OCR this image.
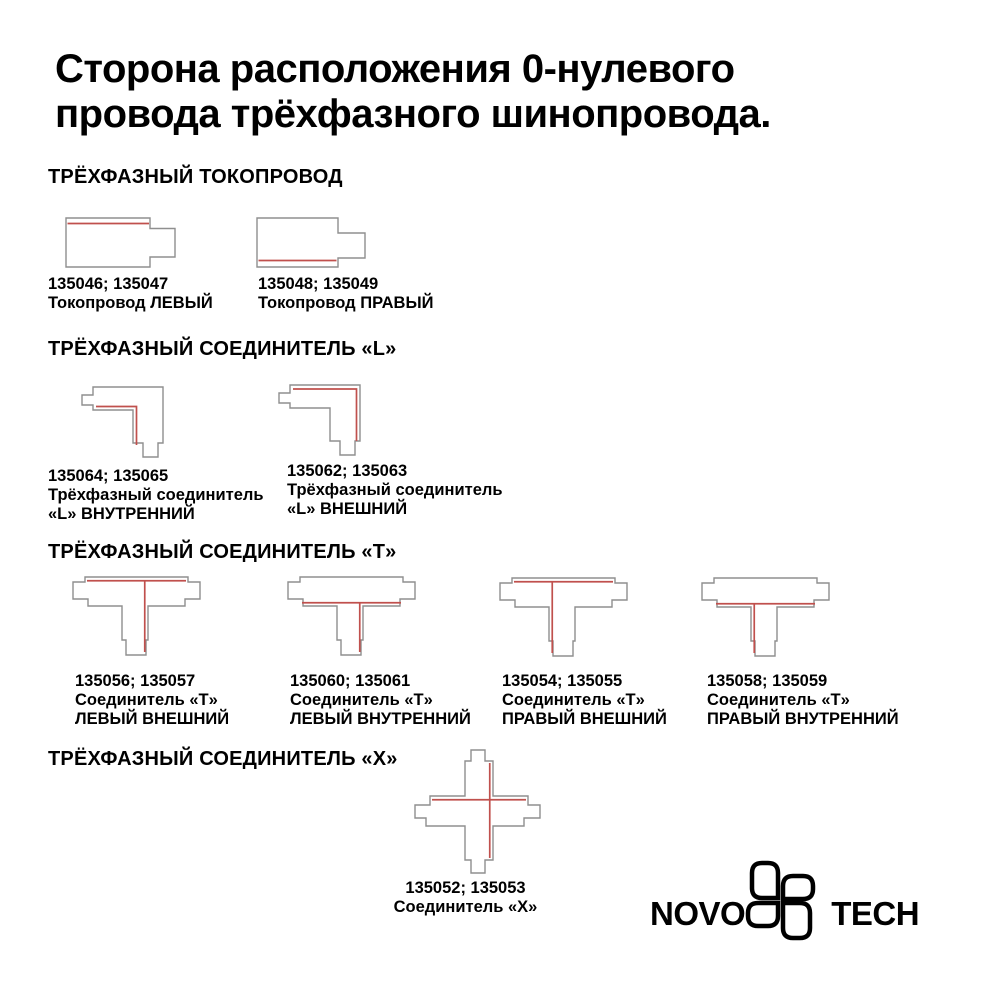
Сторона расположения 0-нулевого
провода трёхфазного шинопровода.
ТРЁХФАЗНЫЙ ТОКОПРОВОД
ТРЁХФАЗНЫЙ СОЕДИНИТЕЛЬ «L»
ТРЁХФАЗНЫЙ СОЕДИНИТЕЛЬ «Т»
ТРЁХФАЗНЫЙ СОЕДИНИТЕЛЬ «Х»
135046; 135047
Токопровод ЛЕВЫЙ
135048; 135049
Токопровод ПРАВЫЙ
135064; 135065
Трёхфазный соединитель
«L» ВНУТРЕННИЙ
135062; 135063
Трёхфазный соединитель
«L» ВНЕШНИЙ
135056; 135057
Соединитель «Т»
ЛЕВЫЙ ВНЕШНИЙ
135060; 135061
Соединитель «Т»
ЛЕВЫЙ ВНУТРЕННИЙ
135054; 135055
Соединитель «Т»
ПРАВЫЙ ВНЕШНИЙ
135058; 135059
Соединитель «Т»
ПРАВЫЙ ВНУТРЕННИЙ
135052; 135053
Соединитель «Х»	NOVO	TECH
